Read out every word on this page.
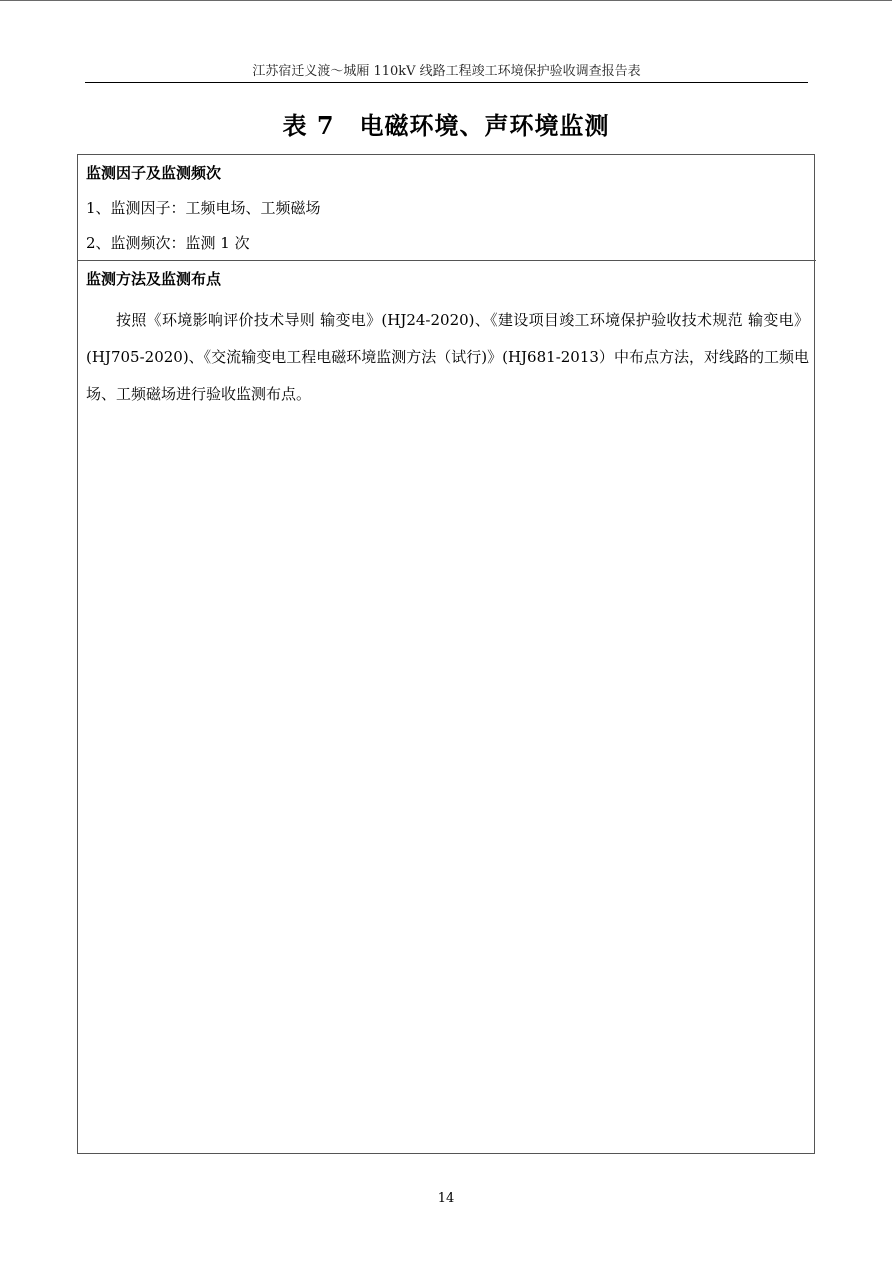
江苏宿迁义渡～城厢 110kV 线路工程竣工环境保护验收调查报告表
表 7　电磁环境、声环境监测
监测因子及监测频次
1、监测因子：工频电场、工频磁场
2、监测频次：监测 1 次
监测方法及监测布点

按照《环境影响评价技术导则 输变电》(HJ24-2020)、《建设项目竣工环境保护验收技术规范 输变电》(HJ705-2020)、《交流输变电工程电磁环境监测方法（试行)》(HJ681-2013）中布点方法，对线路的工频电场、工频磁场进行验收监测布点。

14
